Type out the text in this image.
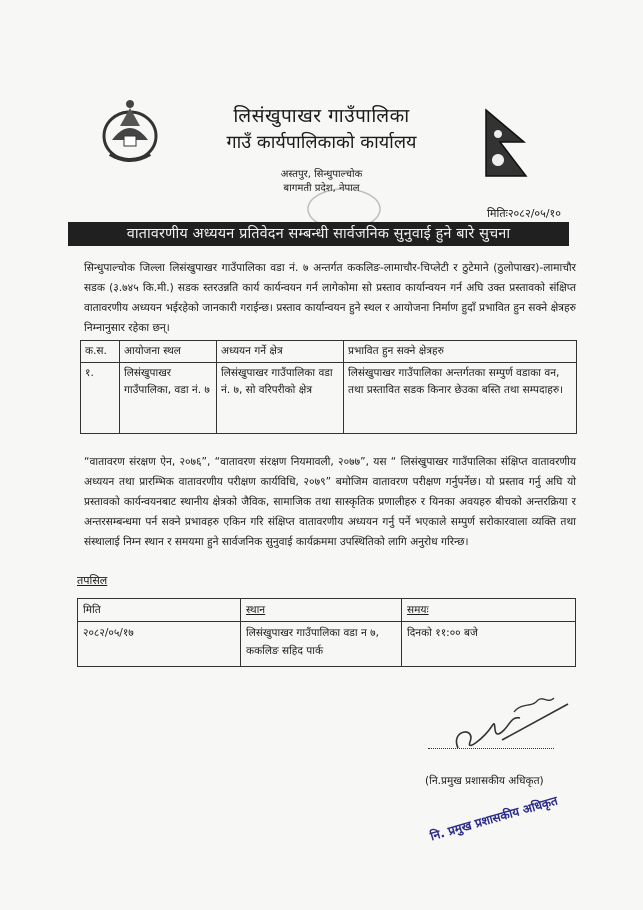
लिसंखुपाखर गाउँपालिका
गाउँ कार्यपालिकाको कार्यालय
अस्तपुर, सिन्धुपाल्चोक
बागमती प्रदेश, नेपाल
मितिः२०८२/०५/१०
वातावरणीय अध्ययन प्रतिवेदन सम्बन्धी सार्वजनिक सुनुवाई हुने बारे सुचना
सिन्धुपाल्चोक जिल्ला लिसंखुपाखर गाउँपालिका वडा नं. ७ अन्तर्गत ककलिङ-लामाचौर-चिप्लेटी र ठुटेमाने (ठुलोपाखर)-लामाचौर सडक (३.७४५ कि.मी.) सडक स्तरउन्नति कार्य कार्यन्वयन गर्न लागेकोमा सो प्रस्ताव कार्यान्वयन गर्न अघि उक्त प्रस्तावको संक्षिप्त वातावरणीय अध्ययन भईरहेको जानकारी गराईन्छ। प्रस्ताव कार्यान्वयन हुने स्थल र आयोजना निर्माण हुदाँ प्रभावित हुन सक्ने क्षेत्रहरु निम्नानुसार रहेका छन्।
क.स.	आयोजना स्थल	अध्ययन गर्ने क्षेत्र	प्रभावित हुन सक्ने क्षेत्रहरु
१.	लिसंखुपाखर गाउँपालिका, वडा नं. ७	लिसंखुपाखर गाउँपालिका वडा नं. ७, सो वरिपरीको क्षेत्र	लिसंखुपाखर गाउँपालिका अन्तर्गतका सम्पुर्ण वडाका वन, तथा प्रस्तावित सडक किनार छेउका बस्ति तथा सम्पदाहरु।
“वातावरण संरक्षण ऐन, २०७६”, “वातावरण संरक्षण नियमावली, २०७७”, यस “ लिसंखुपाखर गाउँपालिका संक्षिप्त वातावरणीय अध्ययन तथा प्रारम्भिक वातावरणीय परीक्षण कार्यविधि, २०७९” बमोजिम वातावरण परीक्षण गर्नुपर्नेछ। यो प्रस्ताव गर्नु अघि यो प्रस्तावको कार्यन्वयनबाट स्थानीय क्षेत्रको जैविक, सामाजिक तथा सास्कृतिक प्रणालीहरु र यिनका अवयहरु बीचको अन्तरक्रिया र अन्तरसम्बन्धमा पर्न सक्ने प्रभावहरु एकिन गरि संक्षिप्त वातावरणीय अध्ययन गर्नु पर्ने भएकाले सम्पुर्ण सरोकारवाला व्यक्ति तथा संस्थालाई निम्न स्थान र समयमा हुने सार्वजनिक सुनुवाई कार्यक्रममा उपस्थितिको लागि अनुरोध गरिन्छ।
तपसिल
मिति	स्थान	समयः
२०८२/०५/१७	लिसंखुपाखर गाउँपालिका वडा न ७, ककलिङ सहिद पार्क	दिनको ११:०० बजे
(नि.प्रमुख प्रशासकीय अधिकृत)
नि. प्रमुख प्रशासकीय अधिकृत
